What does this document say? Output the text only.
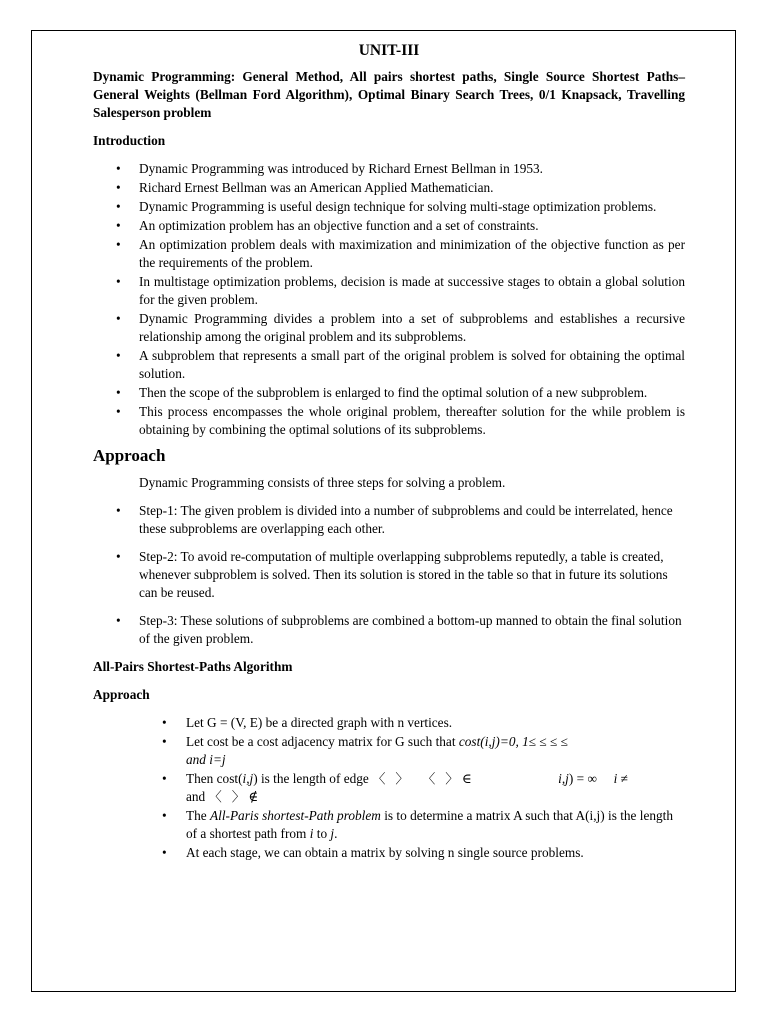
UNIT-III
Dynamic Programming: General Method, All pairs shortest paths, Single Source Shortest Paths– General Weights (Bellman Ford Algorithm), Optimal Binary Search Trees, 0/1 Knapsack, Travelling Salesperson problem
Introduction
• Dynamic Programming was introduced by Richard Ernest Bellman in 1953.
• Richard Ernest Bellman was an American Applied Mathematician.
• Dynamic Programming is useful design technique for solving multi-stage optimization problems.
• An optimization problem has an objective function and a set of constraints.
• An optimization problem deals with maximization and minimization of the objective function as per the requirements of the problem.
• In multistage optimization problems, decision is made at successive stages to obtain a global solution for the given problem.
• Dynamic Programming divides a problem into a set of subproblems and establishes a recursive relationship among the original problem and its subproblems.
• A subproblem that represents a small part of the original problem is solved for obtaining the optimal solution.
• Then the scope of the subproblem is enlarged to find the optimal solution of a new subproblem.
• This process encompasses the whole original problem, thereafter solution for the while problem is obtaining by combining the optimal solutions of its subproblems.
Approach
Dynamic Programming consists of three steps for solving a problem.
• Step-1: The given problem is divided into a number of subproblems and could be interrelated, hence these subproblems are overlapping each other.
• Step-2: To avoid re-computation of multiple overlapping subproblems reputedly, a table is created, whenever subproblem is solved. Then its solution is stored in the table so that in future its solutions can be reused.
• Step-3: These solutions of subproblems are combined a bottom-up manned to obtain the final solution of the given problem.
All-Pairs Shortest-Paths Algorithm
Approach
• Let G = (V, E) be a directed graph with n vertices.
• Let cost be a cost adjacency matrix for G such that cost(i,j)=0, 1≤ ≤ ≤ ≤
and i=j
• Then cost(i,j) is the length of edge 〈   〉    〈   〉 ∈                          i,j) = ∞     i ≠
and 〈   〉 ∉
• The All-Paris shortest-Path problem is to determine a matrix A such that A(i,j) is the length of a shortest path from i to j.
• At each stage, we can obtain a matrix by solving n single source problems.
